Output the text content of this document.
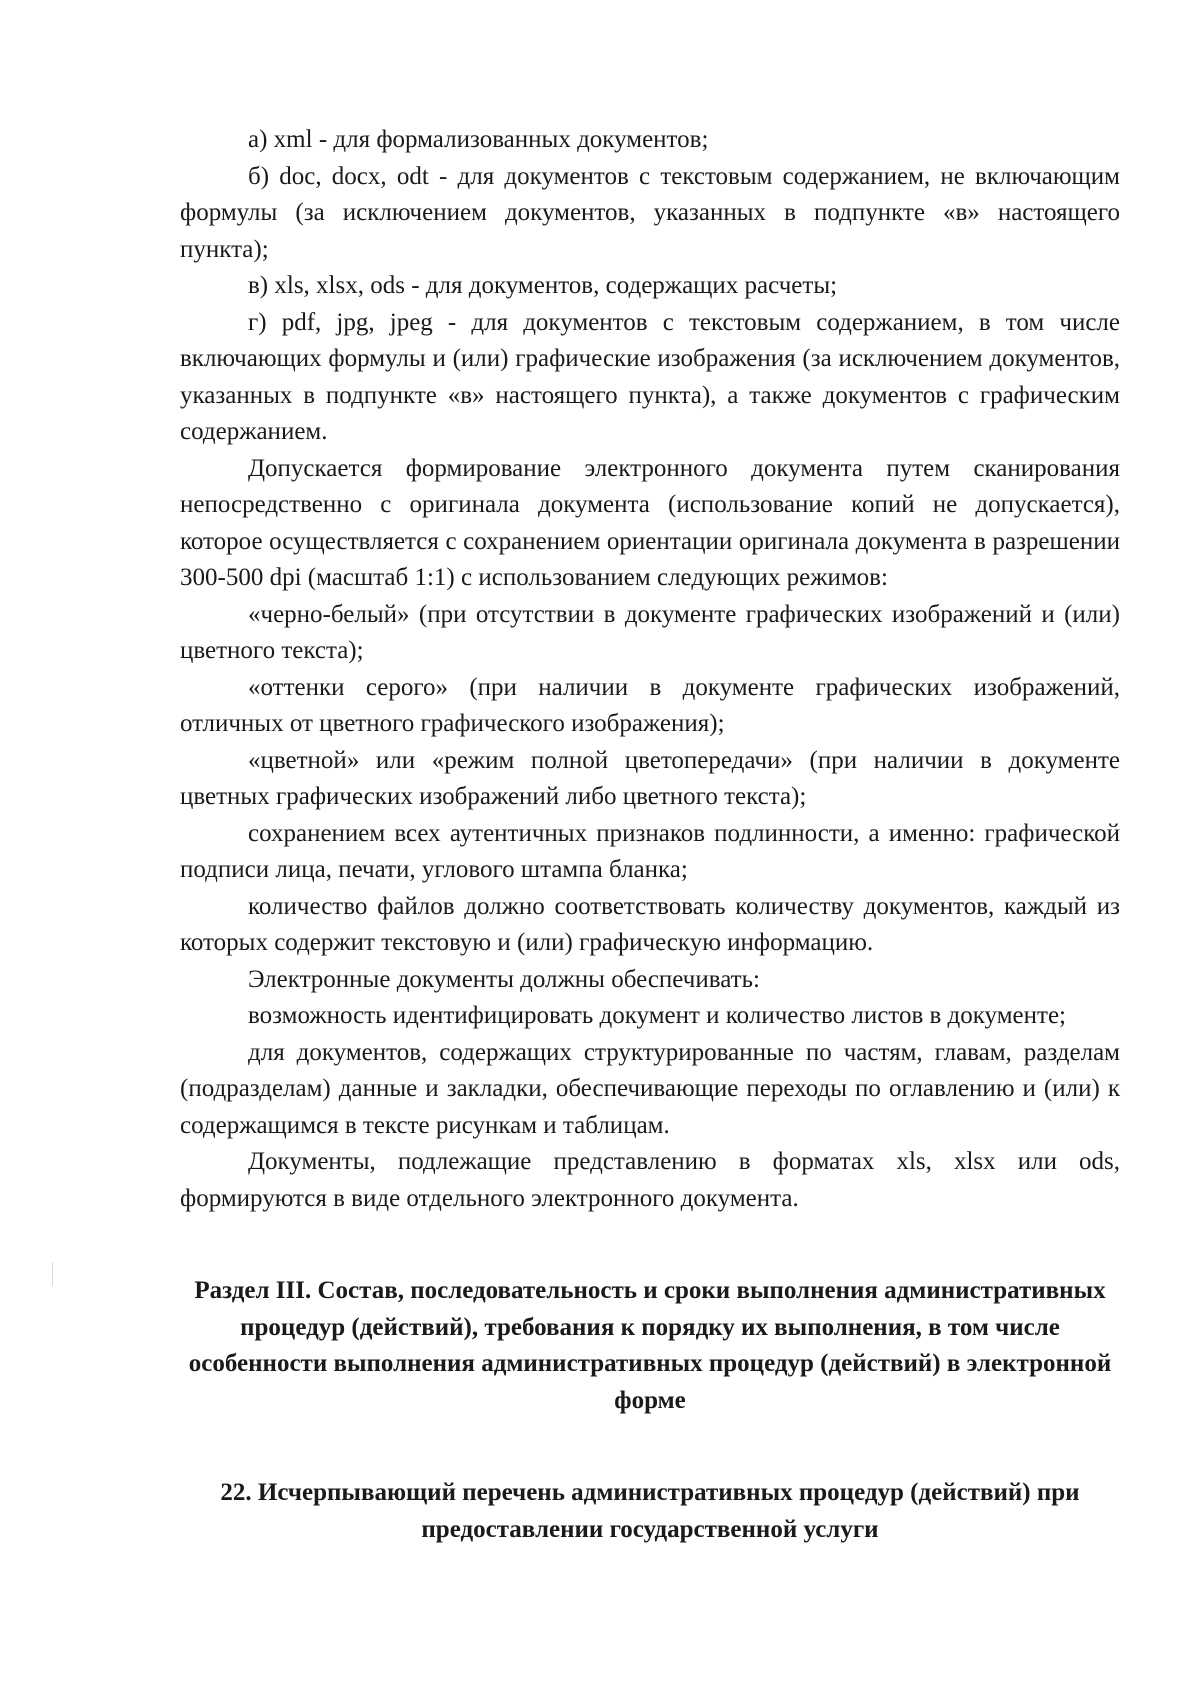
а) xml - для формализованных документов;

б) doc, docx, odt - для документов с текстовым содержанием, не включающим формулы (за исключением документов, указанных в подпункте «в» настоящего пункта);

в) xls, xlsx, ods - для документов, содержащих расчеты;

г) pdf, jpg, jpeg - для документов с текстовым содержанием, в том числе включающих формулы и (или) графические изображения (за исключением документов, указанных в подпункте «в» настоящего пункта), а также документов с графическим содержанием.

Допускается формирование электронного документа путем сканирования непосредственно с оригинала документа (использование копий не допускается), которое осуществляется с сохранением ориентации оригинала документа в разрешении 300-500 dpi (масштаб 1:1) с использованием следующих режимов:

«черно-белый» (при отсутствии в документе графических изображений и (или) цветного текста);

«оттенки серого» (при наличии в документе графических изображений, отличных от цветного графического изображения);

«цветной» или «режим полной цветопередачи» (при наличии в документе цветных графических изображений либо цветного текста);

сохранением всех аутентичных признаков подлинности, а именно: графической подписи лица, печати, углового штампа бланка;

количество файлов должно соответствовать количеству документов, каждый из которых содержит текстовую и (или) графическую информацию.

Электронные документы должны обеспечивать:

возможность идентифицировать документ и количество листов в документе;

для документов, содержащих структурированные по частям, главам, разделам (подразделам) данные и закладки, обеспечивающие переходы по оглавлению и (или) к содержащимся в тексте рисункам и таблицам.

Документы, подлежащие представлению в форматах xls, xlsx или ods, формируются в виде отдельного электронного документа.

Раздел III. Состав, последовательность и сроки выполнения административных процедур (действий), требования к порядку их выполнения, в том числе особенности выполнения административных процедур (действий) в электронной форме

22. Исчерпывающий перечень административных процедур (действий) при предоставлении государственной услуги
